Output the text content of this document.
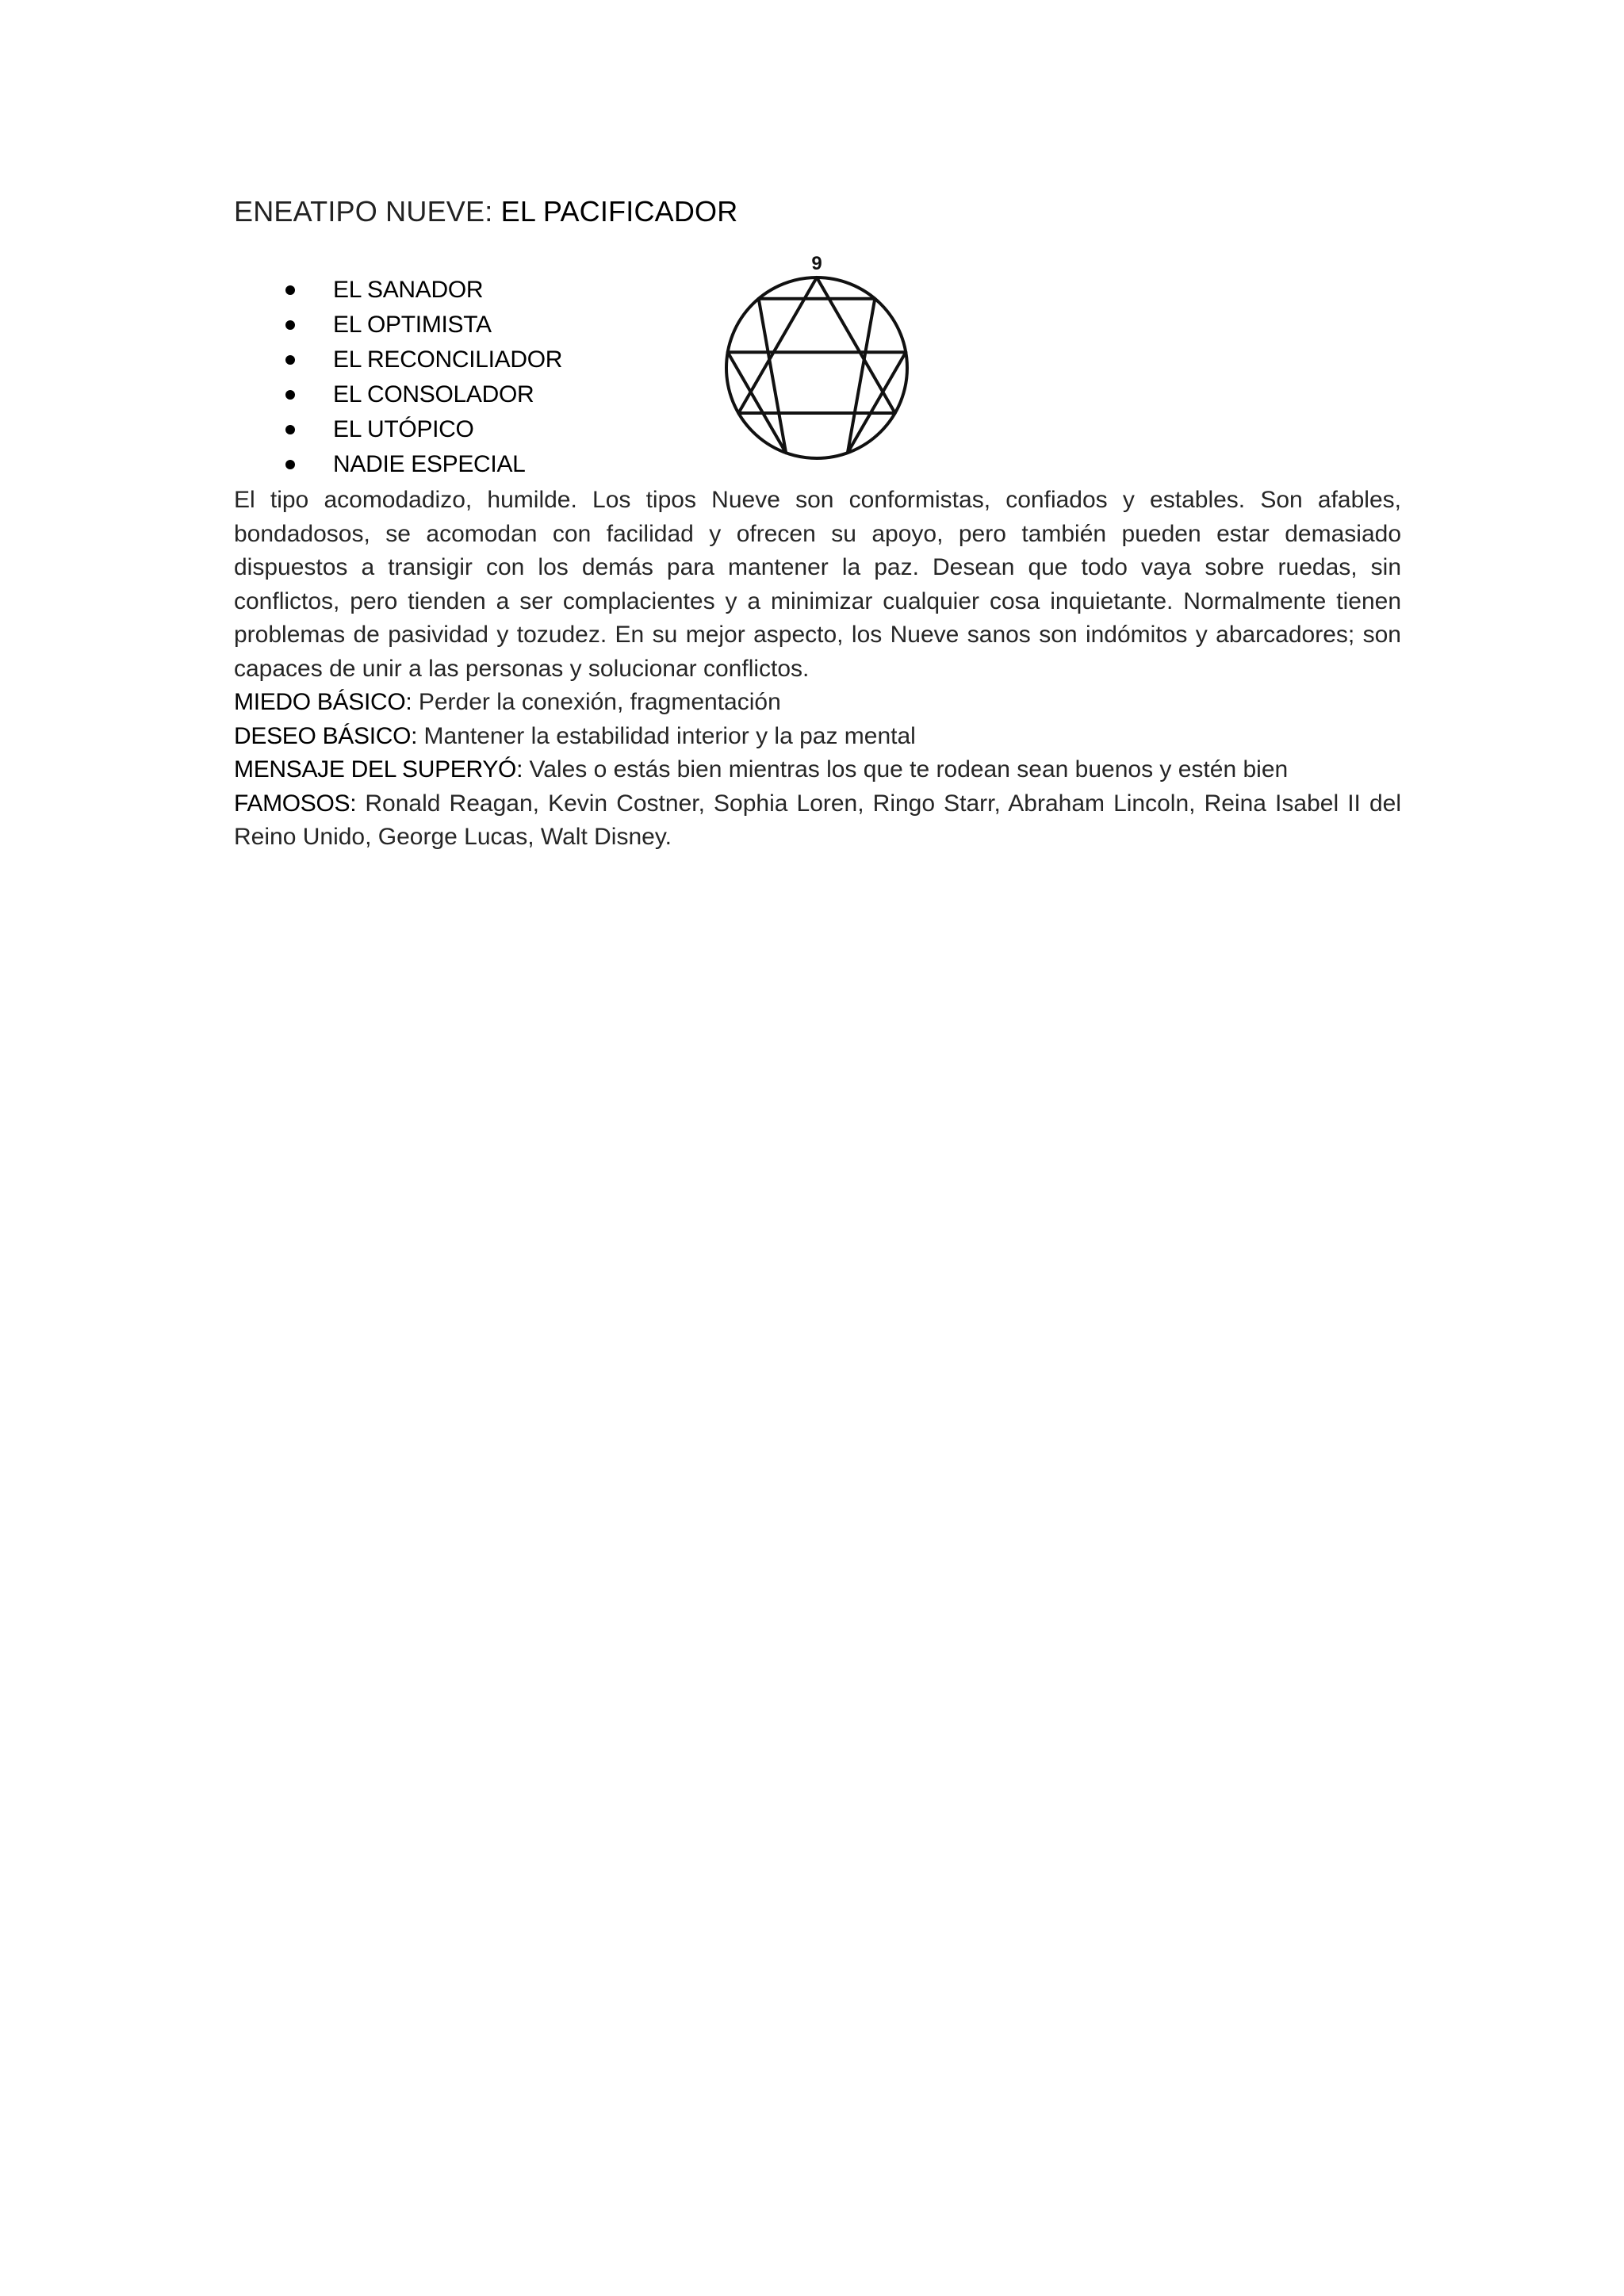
ENEATIPO NUEVE: EL PACIFICADOR
EL SANADOR
EL OPTIMISTA
EL RECONCILIADOR
EL CONSOLADOR
EL UTÓPICO
NADIE ESPECIAL
9

El tipo acomodadizo, humilde. Los tipos Nueve son conformistas, confiados y estables. Son afables, bondadosos, se acomodan con facilidad y ofrecen su apoyo, pero también pueden estar demasiado dispuestos a transigir con los demás para mantener la paz. Desean que todo vaya sobre ruedas, sin conflictos, pero tienden a ser complacientes y a minimizar cualquier cosa inquietante. Normalmente tienen problemas de pasividad y tozudez. En su mejor aspecto, los Nueve sanos son indómitos y abarcadores; son capaces de unir a las personas y solucionar conflictos.

MIEDO BÁSICO: Perder la conexión, fragmentación

DESEO BÁSICO: Mantener la estabilidad interior y la paz mental

MENSAJE DEL SUPERYÓ: Vales o estás bien mientras los que te rodean sean buenos y estén bien

FAMOSOS: Ronald Reagan, Kevin Costner, Sophia Loren, Ringo Starr, Abraham Lincoln, Reina Isabel II del Reino Unido, George Lucas, Walt Disney.
